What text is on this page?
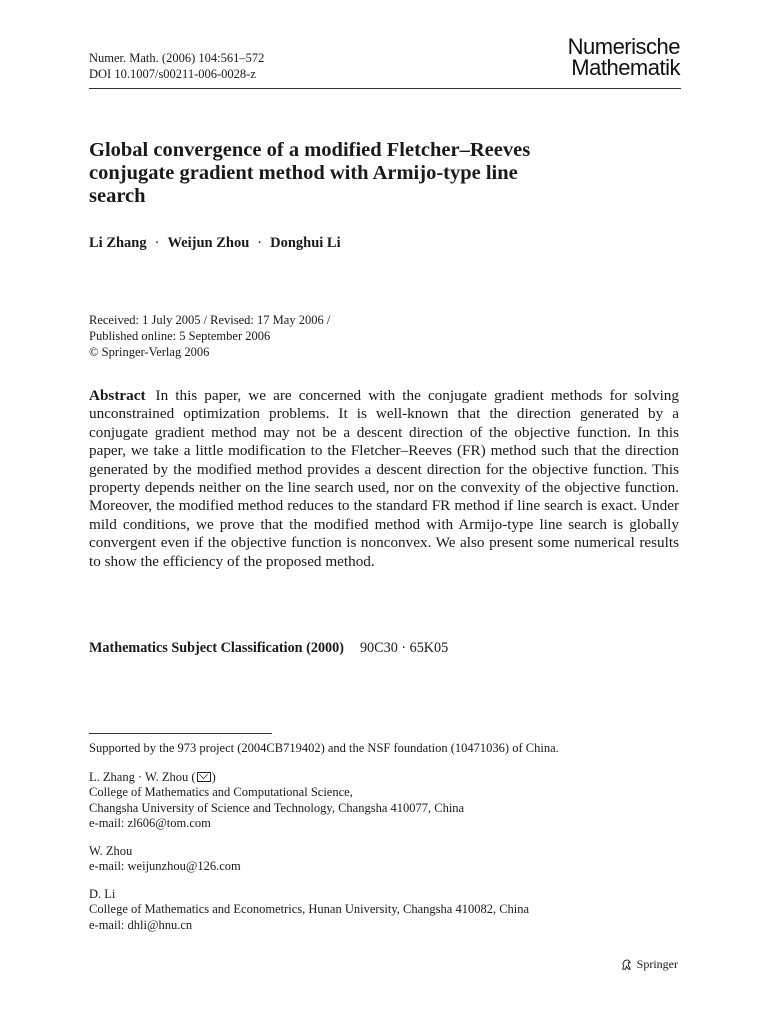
Numer. Math. (2006) 104:561–572
DOI 10.1007/s00211-006-0028-z
Numerische
Mathematik
Global convergence of a modified Fletcher–Reeves
conjugate gradient method with Armijo-type line
search
Li Zhang · Weijun Zhou · Donghui Li
Received: 1 July 2005 / Revised: 17 May 2006 /
Published online: 5 September 2006
© Springer-Verlag 2006
Abstract In this paper, we are concerned with the conjugate gradient methods for solving unconstrained optimization problems. It is well-known that the direction generated by a conjugate gradient method may not be a descent direction of the objective function. In this paper, we take a little modification to the Fletcher–Reeves (FR) method such that the direction generated by the modified method provides a descent direction for the objective function. This property depends neither on the line search used, nor on the convexity of the objective function. Moreover, the modified method reduces to the standard FR method if line search is exact. Under mild conditions, we prove that the modified method with Armijo-type line search is globally convergent even if the objective function is nonconvex. We also present some numerical results to show the efficiency of the proposed method.
Mathematics Subject Classification (2000) 90C30 · 65K05

Supported by the 973 project (2004CB719402) and the NSF foundation (10471036) of China.

L. Zhang · W. Zhou ( )

College of Mathematics and Computational Science,

Changsha University of Science and Technology, Changsha 410077, China

e-mail: zl606@tom.com

W. Zhou

e-mail: weijunzhou@126.com

D. Li

College of Mathematics and Econometrics, Hunan University, Changsha 410082, China

e-mail: dhli@hnu.cn

Springer
